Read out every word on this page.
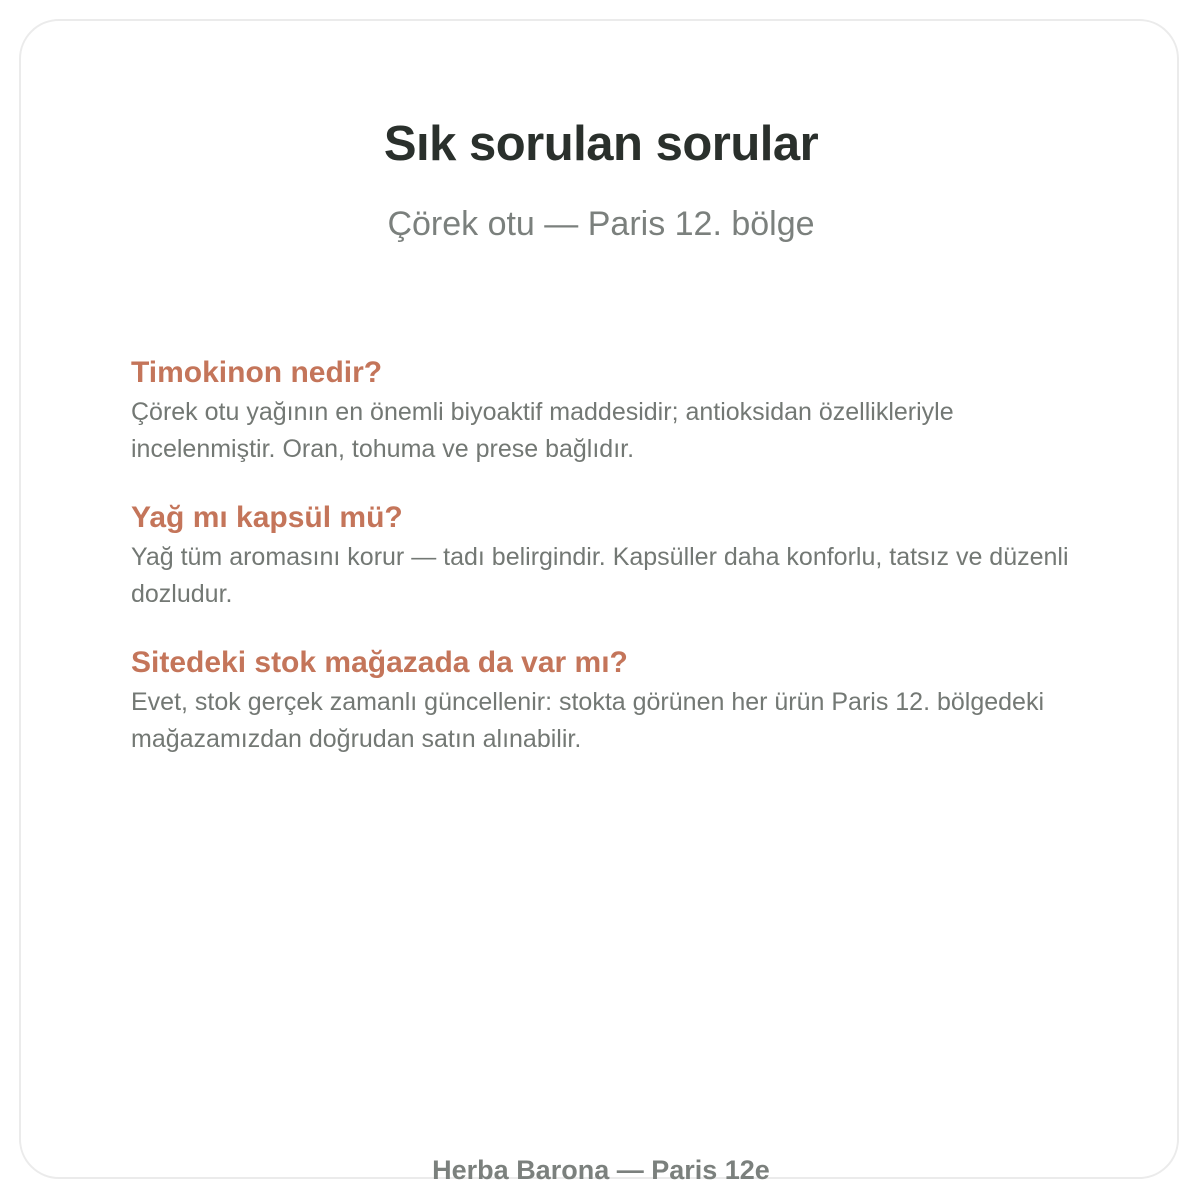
Sık sorulan sorular
Çörek otu — Paris 12. bölge
Timokinon nedir?

Çörek otu yağının en önemli biyoaktif maddesidir; antioksidan özellikleriyle incelenmiştir. Oran, tohuma ve prese bağlıdır.

Yağ mı kapsül mü?

Yağ tüm aromasını korur — tadı belirgindir. Kapsüller daha konforlu, tatsız ve düzenli dozludur.

Sitedeki stok mağazada da var mı?

Evet, stok gerçek zamanlı güncellenir: stokta görünen her ürün Paris 12. bölgedeki mağazamızdan doğrudan satın alınabilir.

Herba Barona — Paris 12e
